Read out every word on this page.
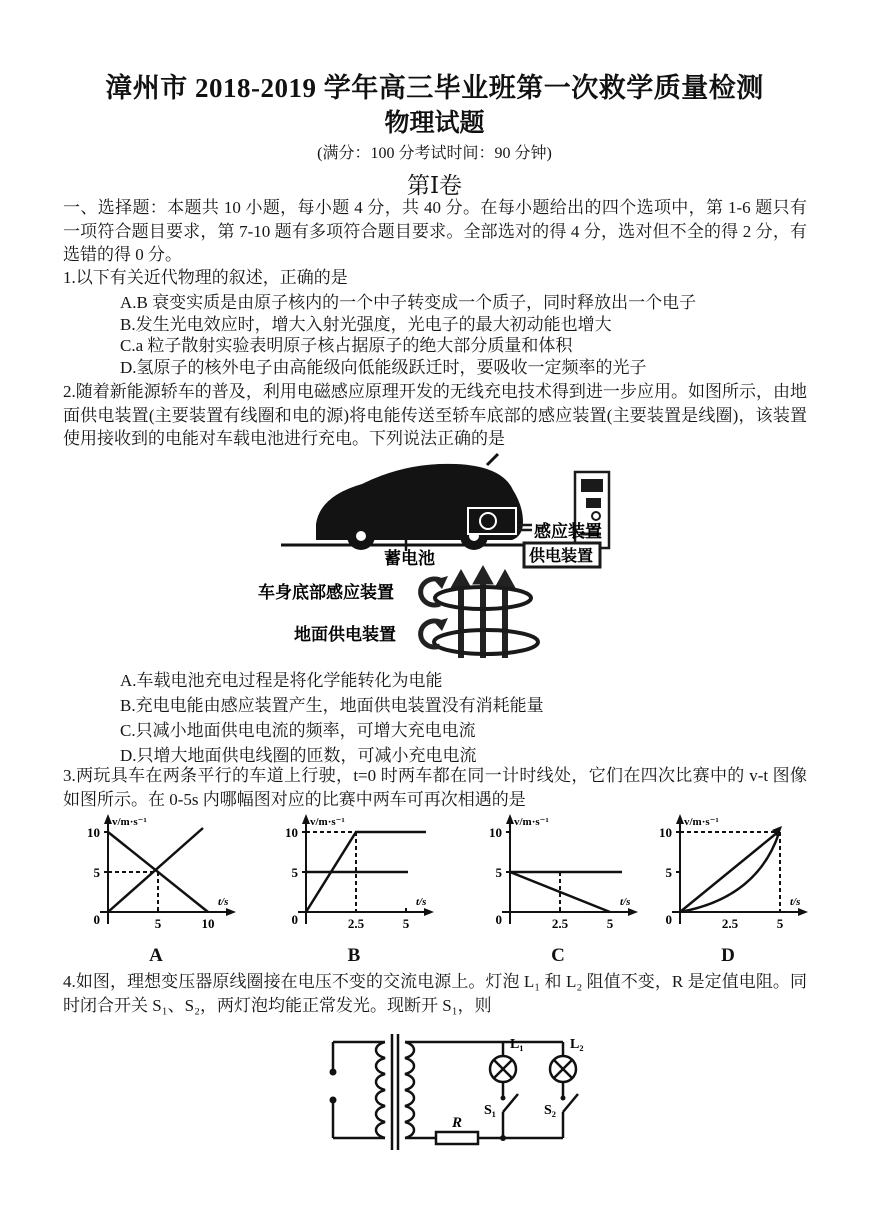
漳州市 2018-2019 学年高三毕业班第一次救学质量检测
物理试题
(满分：100 分考试时间：90 分钟)
第Ⅰ卷
一、选择题：本题共 10 小题，每小题 4 分，共 40 分。在每小题给出的四个选项中，第 1-6 题只有一项符合题目要求，第 7-10 题有多项符合题目要求。全部选对的得 4 分，选对但不全的得 2 分，有选错的得 0 分。
1.以下有关近代物理的叙述，正确的是
A.B 衰变实质是由原子核内的一个中子转变成一个质子，同时释放出一个电子
B.发生光电效应时，增大入射光强度，光电子的最大初动能也增大
C.a 粒子散射实验表明原子核占据原子的绝大部分质量和体积
D.氢原子的核外电子由高能级向低能级跃迁时，要吸收一定频率的光子
2.随着新能源轿车的普及，利用电磁感应原理开发的无线充电技术得到进一步应用。如图所示，由地面供电装置(主要装置有线圈和电的源)将电能传送至轿车底部的感应装置(主要装置是线圈)，该装置使用接收到的电能对车载电池进行充电。下列说法正确的是
蓄电池
感应装置
供电装置
车身底部感应装置
地面供电装置
A.车载电池充电过程是将化学能转化为电能
B.充电电能由感应装置产生，地面供电装置没有消耗能量
C.只减小地面供电电流的频率，可增大充电电流
D.只增大地面供电线圈的匝数，可减小充电电流
3.两玩具车在两条平行的车道上行驶，t=0 时两车都在同一计时线处，它们在四次比赛中的 v-t 图像如图所示。在 0-5s 内哪幅图对应的比赛中两车可再次相遇的是
v/m·s⁻¹
t/s
10
5
0	5	10
A
v/m·s⁻¹
t/s
10
5
0	2.5	5
B
v/m·s⁻¹
t/s
10
5
0	2.5	5
C
v/m·s⁻¹
t/s
10
5
0	2.5	5
D
4.如图，理想变压器原线圈接在电压不变的交流电源上。灯泡 L₁ 和 L₂ 阻值不变，R 是定值电阻。同时闭合开关 S₁、S₂，两灯泡均能正常发光。现断开 S₁，则
R
L₁	L₂
S₁	S₂
